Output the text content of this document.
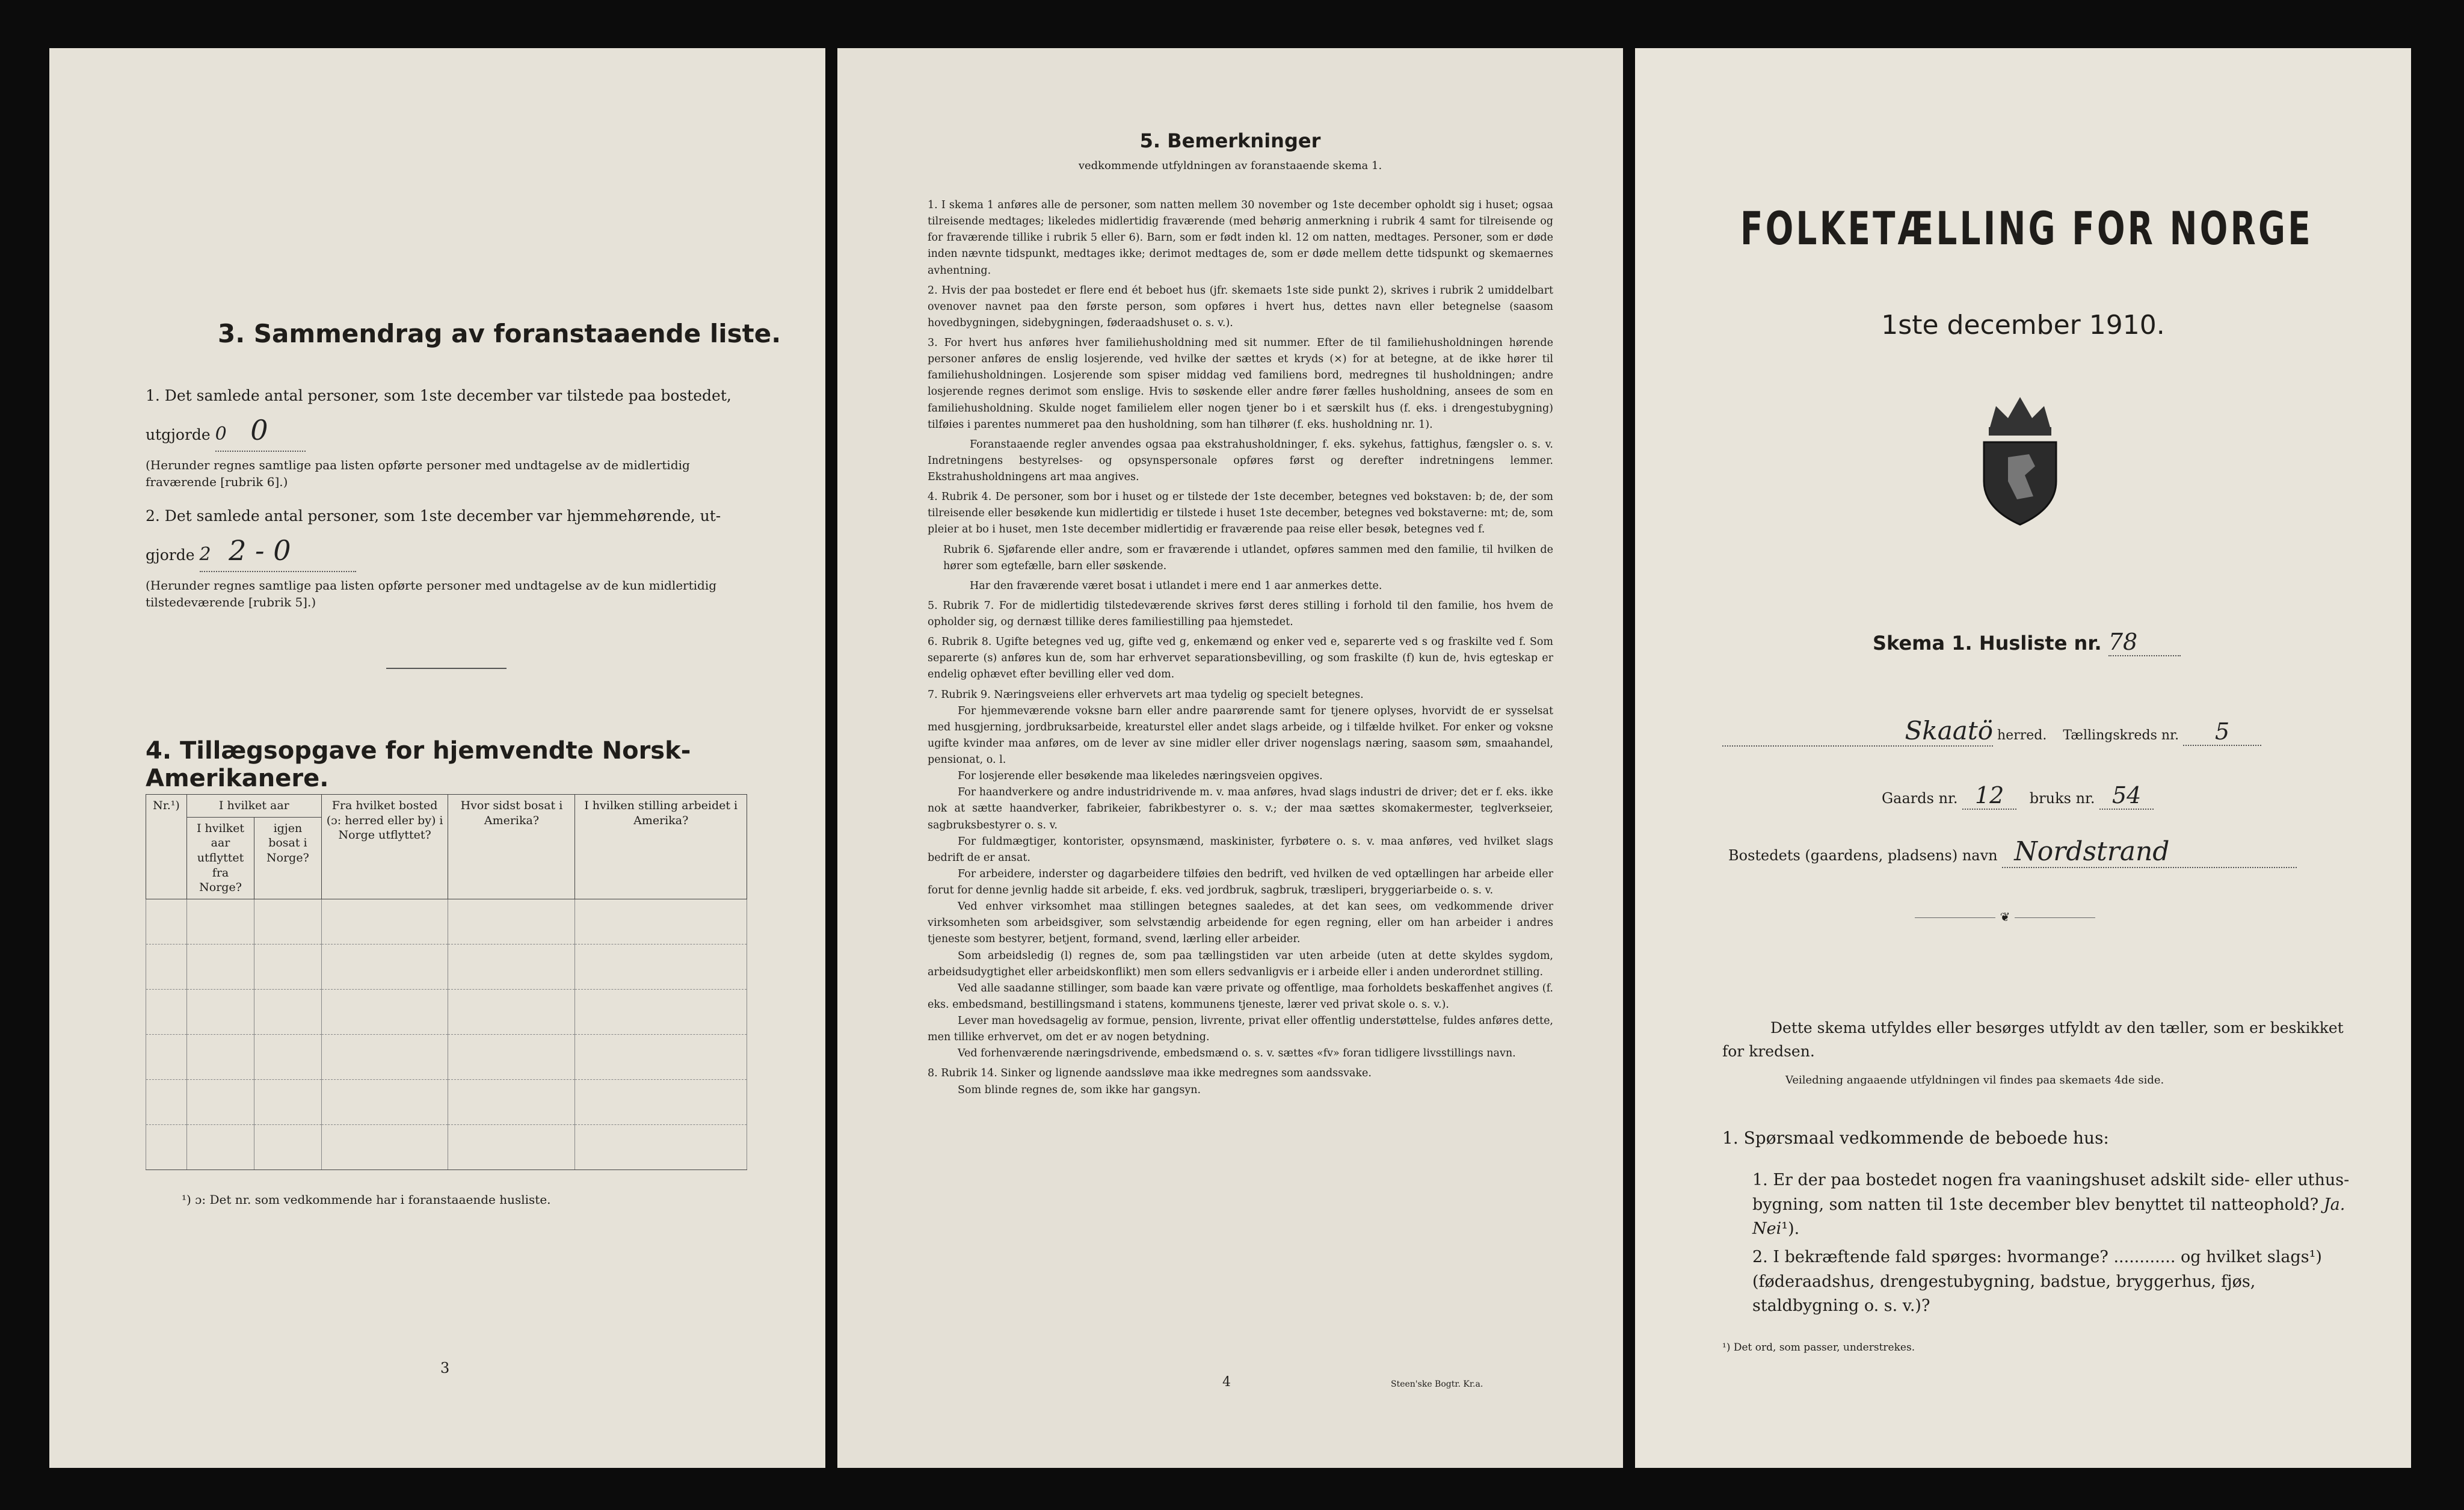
3. Sammendrag av foranstaaende liste.
1. Det samlede antal personer, som 1ste december var tilstede paa bostedet,
utgjorde 0 0
(Herunder regnes samtlige paa listen opførte personer med undtagelse av de midlertidig fraværende [rubrik 6].)
2. Det samlede antal personer, som 1ste december var hjemmehørende, ut-
gjorde 2 2 - 0
(Herunder regnes samtlige paa listen opførte personer med undtagelse av de kun midlertidig tilstedeværende [rubrik 5].)
4. Tillægsopgave for hjemvendte Norsk-Amerikanere.
Nr.¹)	I hvilket aar		Fra hvilket bosted (ɔ: herred eller by) i Norge utflyttet?	Hvor sidst bosat i Amerika?	I hvilken stilling arbeidet i Amerika?
	I hvilket aar utflyttet fra Norge?	igjen bosat i Norge?			

¹) ɔ: Det nr. som vedkommende har i foranstaaende husliste.
3
5. Bemerkninger
vedkommende utfyldningen av foranstaaende skema 1.

1. I skema 1 anføres alle de personer, som natten mellem 30 november og 1ste december opholdt sig i huset; ogsaa tilreisende medtages; likeledes midlertidig fraværende (med behørig anmerkning i rubrik 4 samt for tilreisende og for fraværende tillike i rubrik 5 eller 6). Barn, som er født inden kl. 12 om natten, medtages. Personer, som er døde inden nævnte tidspunkt, medtages ikke; derimot medtages de, som er døde mellem dette tidspunkt og skemaernes avhentning.

2. Hvis der paa bostedet er flere end ét beboet hus (jfr. skemaets 1ste side punkt 2), skrives i rubrik 2 umiddelbart ovenover navnet paa den første person, som opføres i hvert hus, dettes navn eller betegnelse (saasom hovedbygningen, sidebygningen, føderaadshuset o. s. v.).

3. For hvert hus anføres hver familiehusholdning med sit nummer. Efter de til familiehusholdningen hørende personer anføres de enslig losjerende, ved hvilke der sættes et kryds (×) for at betegne, at de ikke hører til familiehusholdningen. Losjerende som spiser middag ved familiens bord, medregnes til husholdningen; andre losjerende regnes derimot som enslige. Hvis to søskende eller andre fører fælles husholdning, ansees de som en familiehusholdning. Skulde noget familielem eller nogen tjener bo i et særskilt hus (f. eks. i drengestubygning) tilføies i parentes nummeret paa den husholdning, som han tilhører (f. eks. husholdning nr. 1).

Foranstaaende regler anvendes ogsaa paa ekstrahusholdninger, f. eks. sykehus, fattighus, fængsler o. s. v. Indretningens bestyrelses- og opsynspersonale opføres først og derefter indretningens lemmer. Ekstrahusholdningens art maa angives.

4. Rubrik 4. De personer, som bor i huset og er tilstede der 1ste december, betegnes ved bokstaven: b; de, der som tilreisende eller besøkende kun midlertidig er tilstede i huset 1ste december, betegnes ved bokstaverne: mt; de, som pleier at bo i huset, men 1ste december midlertidig er fraværende paa reise eller besøk, betegnes ved f.

Rubrik 6. Sjøfarende eller andre, som er fraværende i utlandet, opføres sammen med den familie, til hvilken de hører som egtefælle, barn eller søskende.

Har den fraværende været bosat i utlandet i mere end 1 aar anmerkes dette.

5. Rubrik 7. For de midlertidig tilstedeværende skrives først deres stilling i forhold til den familie, hos hvem de opholder sig, og dernæst tillike deres familiestilling paa hjemstedet.

6. Rubrik 8. Ugifte betegnes ved ug, gifte ved g, enkemænd og enker ved e, separerte ved s og fraskilte ved f. Som separerte (s) anføres kun de, som har erhvervet separationsbevilling, og som fraskilte (f) kun de, hvis egteskap er endelig ophævet efter bevilling eller ved dom.

7. Rubrik 9. Næringsveiens eller erhvervets art maa tydelig og specielt betegnes.

For hjemmeværende voksne barn eller andre paarørende samt for tjenere oplyses, hvorvidt de er sysselsat med husgjerning, jordbruksarbeide, kreaturstel eller andet slags arbeide, og i tilfælde hvilket. For enker og voksne ugifte kvinder maa anføres, om de lever av sine midler eller driver nogenslags næring, saasom søm, smaahandel, pensionat, o. l.

For losjerende eller besøkende maa likeledes næringsveien opgives.

For haandverkere og andre industridrivende m. v. maa anføres, hvad slags industri de driver; det er f. eks. ikke nok at sætte haandverker, fabrikeier, fabrikbestyrer o. s. v.; der maa sættes skomakermester, teglverkseier, sagbruksbestyrer o. s. v.

For fuldmægtiger, kontorister, opsynsmænd, maskinister, fyrbøtere o. s. v. maa anføres, ved hvilket slags bedrift de er ansat.

For arbeidere, inderster og dagarbeidere tilføies den bedrift, ved hvilken de ved optællingen har arbeide eller forut for denne jevnlig hadde sit arbeide, f. eks. ved jordbruk, sagbruk, træsliperi, bryggeriarbeide o. s. v.

Ved enhver virksomhet maa stillingen betegnes saaledes, at det kan sees, om vedkommende driver virksomheten som arbeidsgiver, som selvstændig arbeidende for egen regning, eller om han arbeider i andres tjeneste som bestyrer, betjent, formand, svend, lærling eller arbeider.

Som arbeidsledig (l) regnes de, som paa tællingstiden var uten arbeide (uten at dette skyldes sygdom, arbeidsudygtighet eller arbeidskonflikt) men som ellers sedvanligvis er i arbeide eller i anden underordnet stilling.

Ved alle saadanne stillinger, som baade kan være private og offentlige, maa forholdets beskaffenhet angives (f. eks. embedsmand, bestillingsmand i statens, kommunens tjeneste, lærer ved privat skole o. s. v.).

Lever man hovedsagelig av formue, pension, livrente, privat eller offentlig understøttelse, fuldes anføres dette, men tillike erhvervet, om det er av nogen betydning.

Ved forhenværende næringsdrivende, embedsmænd o. s. v. sættes «fv» foran tidligere livsstillings navn.

8. Rubrik 14. Sinker og lignende aandssløve maa ikke medregnes som aandssvake.

Som blinde regnes de, som ikke har gangsyn.

4	Steen'ske Bogtr. Kr.a.
FOLKETÆLLING FOR NORGE
1ste december 1910.
Skema 1. Husliste nr. 78
Skaatö herred. Tællingskreds nr. 5
Gaards nr. 12 bruks nr. 54
Bostedets (gaardens, pladsens) navn Nordstrand
❦
Dette skema utfyldes eller besørges utfyldt av den tæller, som er beskikket for kredsen.
Veiledning angaaende utfyldningen vil findes paa skemaets 4de side.
1. Spørsmaal vedkommende de beboede hus:
1. Er der paa bostedet nogen fra vaaningshuset adskilt side- eller uthus-bygning, som natten til 1ste december blev benyttet til natteophold? Ja. Nei¹).
2. I bekræftende fald spørges: hvormange? ............ og hvilket slags¹) (føderaadshus, drengestubygning, badstue, bryggerhus, fjøs, staldbygning o. s. v.)?
¹) Det ord, som passer, understrekes.
